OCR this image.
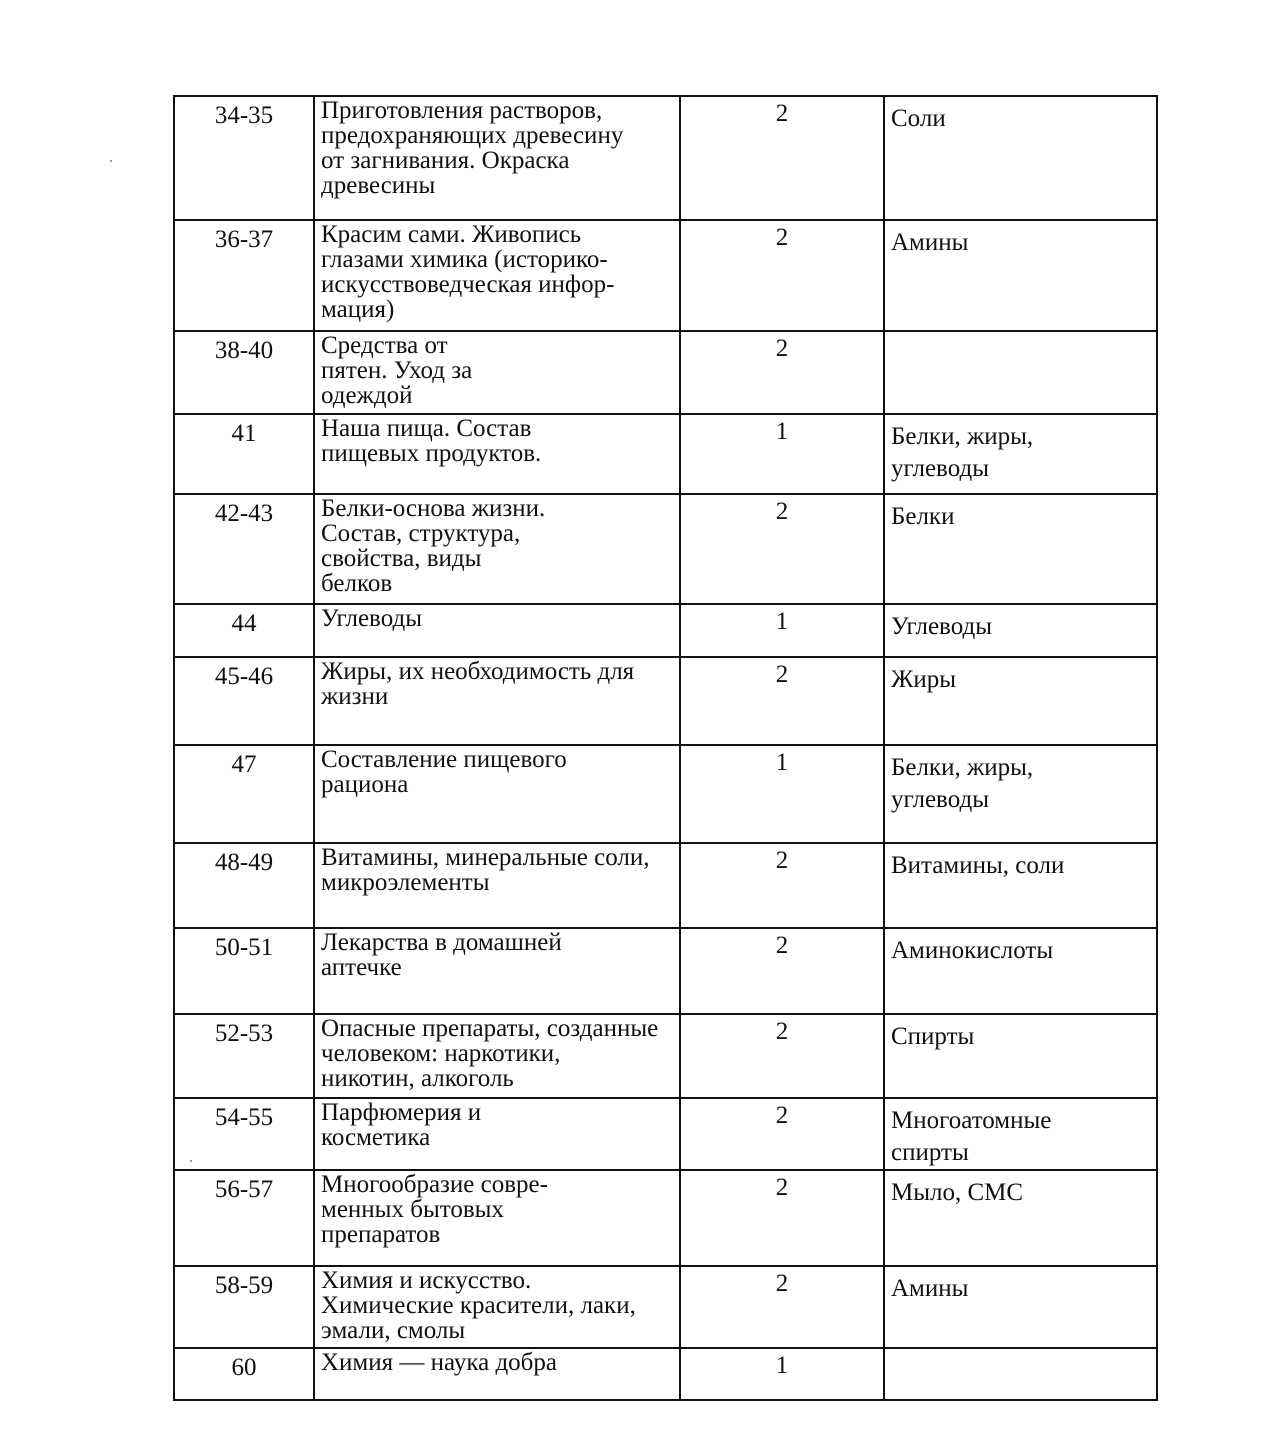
34-35	Приготовления растворов,
предохраняющих древесину
от загнивания. Окраска
древесины	2	Соли

36-37	Красим сами. Живопись
глазами химика (историко-
искусствоведческая инфор-
мация)	2	Амины

38-40	Средства от
пятен. Уход за
одеждой	2	
41	Наша пища. Состав
пищевых продуктов.	1	Белки, жиры,
углеводы

42-43	Белки-основа жизни.
Состав, структура,
свойства, виды
белков	2	Белки

44	Углеводы	1	Углеводы

45-46	Жиры, их необходимость для
жизни	2	Жиры

47	Составление пищевого
рациона	1	Белки, жиры,
углеводы

48-49	Витамины, минеральные соли,
микроэлементы	2	Витамины, соли

50-51	Лекарства в домашней
аптечке	2	Аминокислоты

52-53	Опасные препараты, созданные
человеком: наркотики,
никотин, алкоголь	2	Спирты

54-55	Парфюмерия и
косметика	2	Многоатомные
спирты

56-57	Многообразие совре-
менных бытовых
препаратов	2	Мыло, СМС

58-59	Химия и искусство.
Химические красители, лаки,
эмали, смолы	2	Амины

60	Химия — наука добра	1	
